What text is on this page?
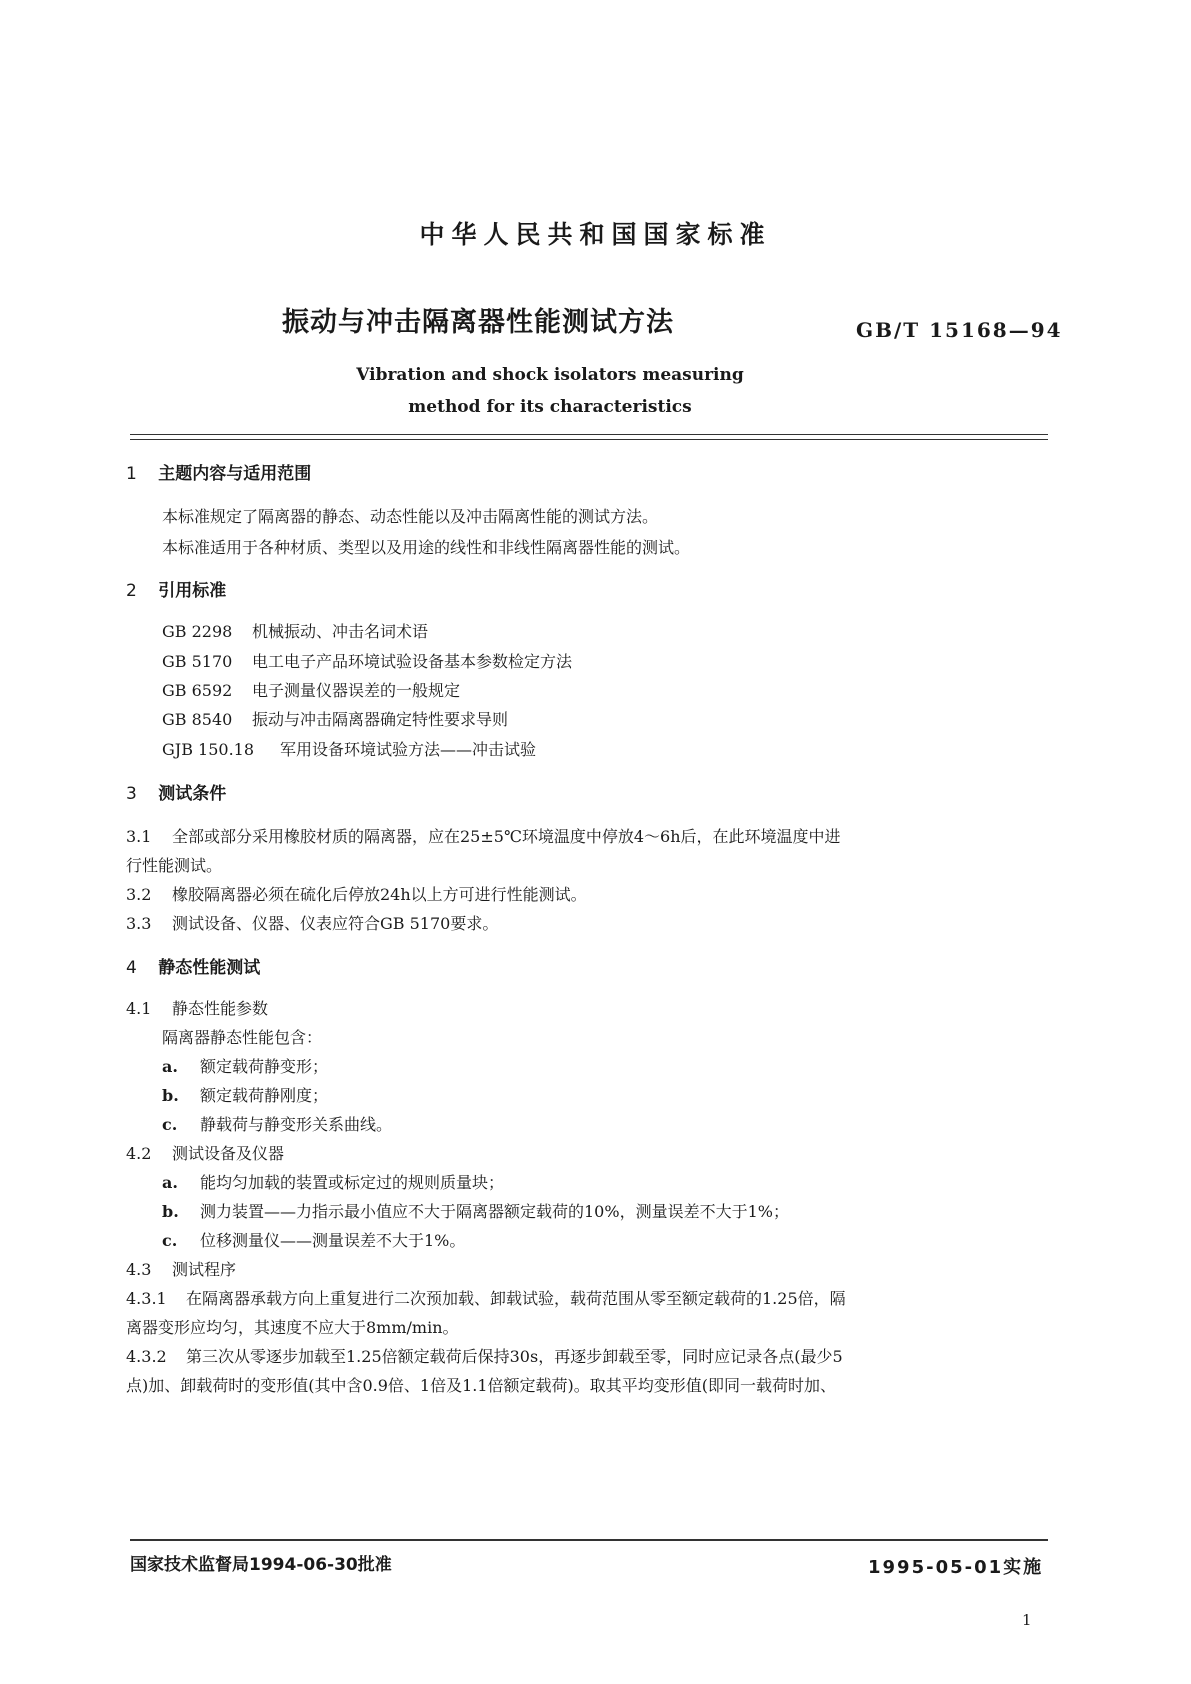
中华人民共和国国家标准
振动与冲击隔离器性能测试方法	GB/T 15168—94
Vibration and shock isolators measuring
method for its characteristics
1 主题内容与适用范围
本标准规定了隔离器的静态、动态性能以及冲击隔离性能的测试方法。
本标准适用于各种材质、类型以及用途的线性和非线性隔离器性能的测试。
2 引用标准
GB 2298 机械振动、冲击名词术语
GB 5170 电工电子产品环境试验设备基本参数检定方法
GB 6592 电子测量仪器误差的一般规定
GB 8540 振动与冲击隔离器确定特性要求导则
GJB 150.18 军用设备环境试验方法——冲击试验
3 测试条件
3.1 全部或部分采用橡胶材质的隔离器，应在25±5℃环境温度中停放4～6h后，在此环境温度中进
行性能测试。
3.2 橡胶隔离器必须在硫化后停放24h以上方可进行性能测试。
3.3 测试设备、仪器、仪表应符合GB 5170要求。
4 静态性能测试
4.1 静态性能参数
隔离器静态性能包含：
a. 额定载荷静变形；
b. 额定载荷静刚度；
c. 静载荷与静变形关系曲线。
4.2 测试设备及仪器
a. 能均匀加载的装置或标定过的规则质量块；
b. 测力装置——力指示最小值应不大于隔离器额定载荷的10%，测量误差不大于1%；
c. 位移测量仪——测量误差不大于1%。
4.3 测试程序
4.3.1 在隔离器承载方向上重复进行二次预加载、卸载试验，载荷范围从零至额定载荷的1.25倍，隔
离器变形应均匀，其速度不应大于8mm/min。
4.3.2 第三次从零逐步加载至1.25倍额定载荷后保持30s，再逐步卸载至零，同时应记录各点(最少5
点)加、卸载荷时的变形值(其中含0.9倍、1倍及1.1倍额定载荷)。取其平均变形值(即同一载荷时加、
国家技术监督局1994-06-30批准	1995-05-01实施
1
